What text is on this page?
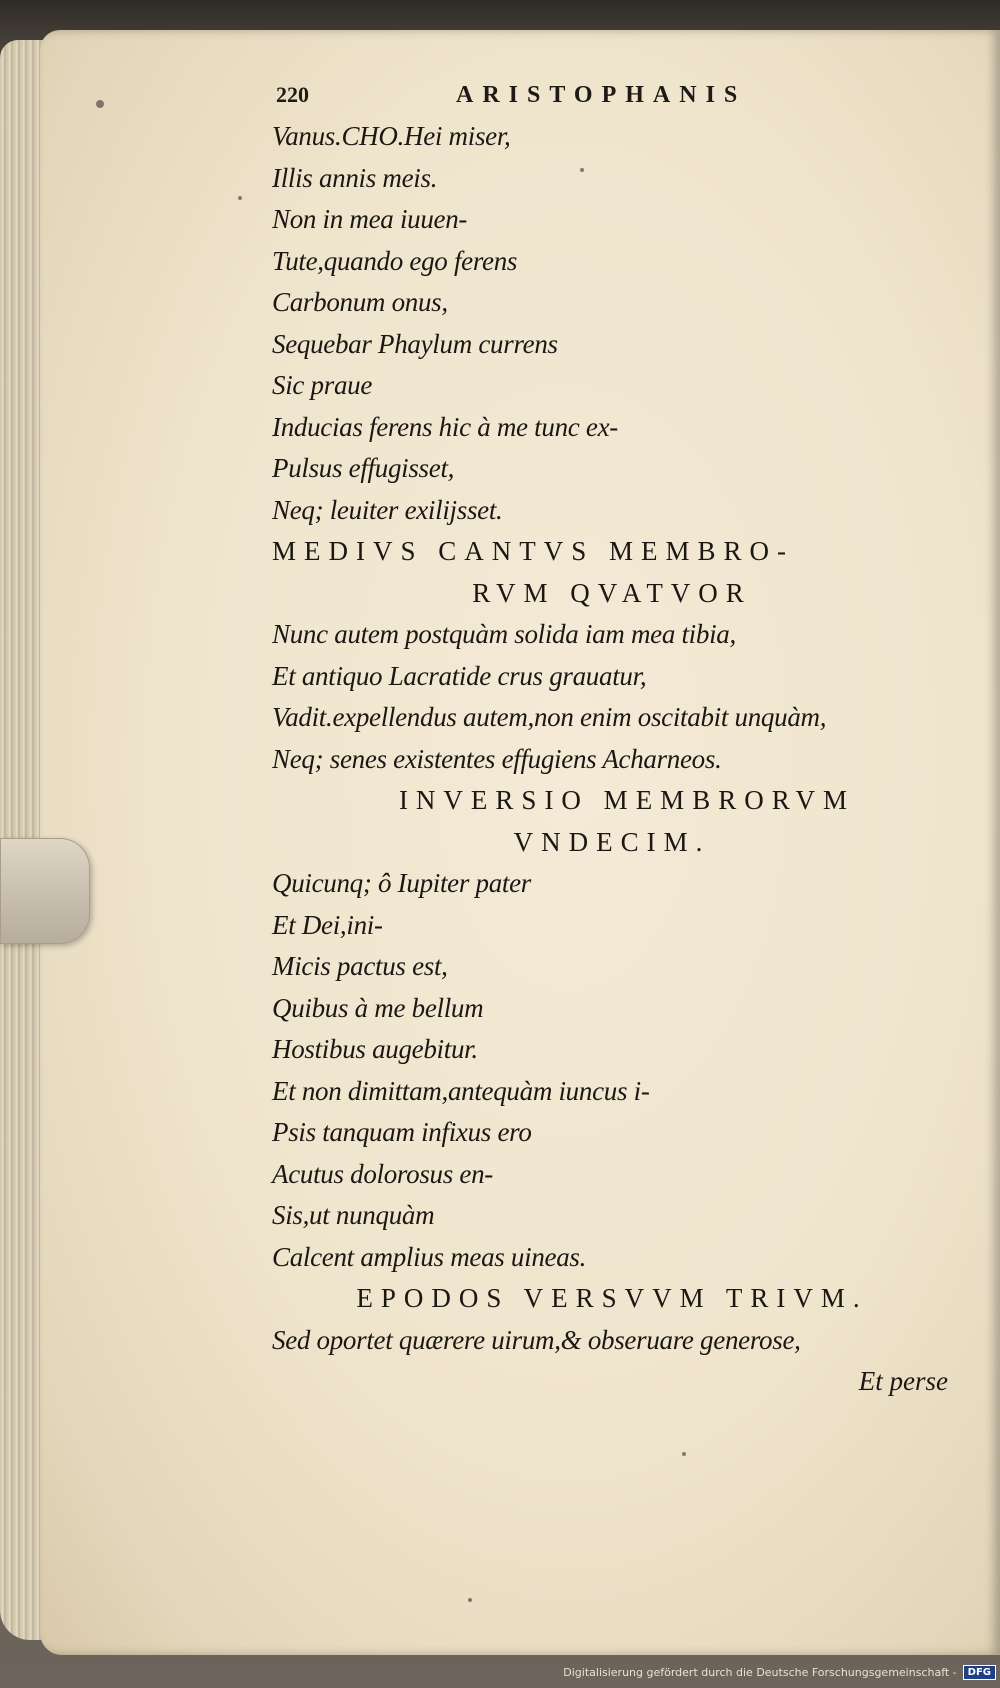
220	ARISTOPHANIS
Vanus.CHO.Hei miser,
Illis annis meis.
Non in mea iuuen-
Tute,quando ego ferens
Carbonum onus,
Sequebar Phaylum currens
Sic praue
Inducias ferens hic à me tunc ex-
Pulsus effugisset,
Neq; leuiter exilijsset.
MEDIVS CANTVS MEMBRO-
RVM QVATVOR
Nunc autem postquàm solida iam mea tibia,
Et antiquo Lacratide crus grauatur,
Vadit.expellendus autem,non enim oscitabit unquàm,
Neq; senes existentes effugiens Acharneos.
INVERSIO MEMBRORVM
VNDECIM.
Quicunq; ô Iupiter pater
Et Dei,ini-
Micis pactus est,
Quibus à me bellum
Hostibus augebitur.
Et non dimittam,antequàm iuncus i-
Psis tanquam infixus ero
Acutus dolorosus en-
Sis,ut nunquàm
Calcent amplius meas uineas.
EPODOS VERSVVM TRIVM.
Sed oportet quærere uirum,& obseruare generose,
Et perse
Digitalisierung gefördert durch die Deutsche Forschungsgemeinschaft -	DFG
